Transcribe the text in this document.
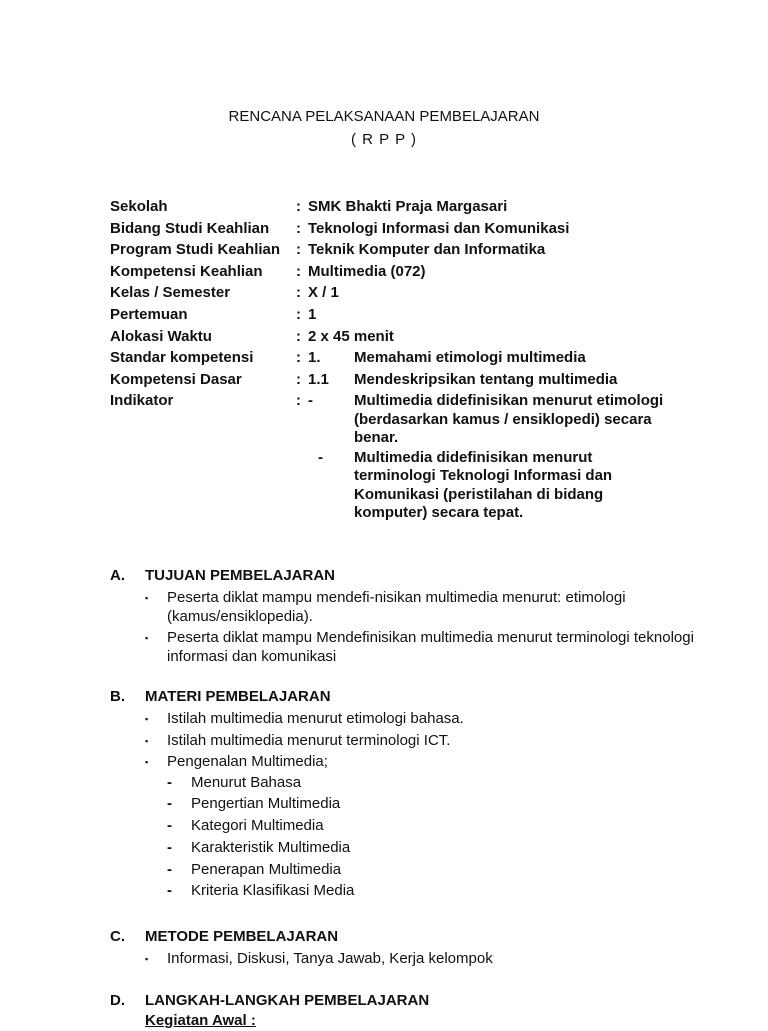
RENCANA PELAKSANAAN PEMBELAJARAN
( R P P )
Sekolah	: SMK Bhakti Praja Margasari
Bidang Studi Keahlian	: Teknologi Informasi dan Komunikasi
Program Studi Keahlian	: Teknik Komputer dan Informatika
Kompetensi Keahlian	: Multimedia (072)
Kelas / Semester	: X / 1
Pertemuan	: 1
Alokasi Waktu	: 2 x 45 menit
Standar kompetensi	: 1.	Memahami etimologi multimedia
Kompetensi Dasar	: 1.1	Mendeskripsikan tentang multimedia
Indikator	: -	Multimedia didefinisikan menurut etimologi (berdasarkan kamus / ensiklopedi) secara benar.
-	Multimedia didefinisikan menurut terminologi Teknologi Informasi dan Komunikasi (peristilahan di bidang komputer) secara tepat.
A.	TUJUAN PEMBELAJARAN
▪ Peserta diklat mampu mendefi-nisikan multimedia menurut: etimologi (kamus/ensiklopedia).
▪ Peserta diklat mampu Mendefinisikan multimedia menurut terminologi teknologi informasi dan komunikasi
B.	MATERI PEMBELAJARAN
▪ Istilah multimedia menurut etimologi bahasa.
▪ Istilah multimedia menurut terminologi ICT.
▪ Pengenalan Multimedia;
- Menurut Bahasa
- Pengertian Multimedia
- Kategori Multimedia
- Karakteristik Multimedia
- Penerapan Multimedia
- Kriteria Klasifikasi Media
C.	METODE PEMBELAJARAN
▪ Informasi, Diskusi, Tanya Jawab, Kerja kelompok
D.	LANGKAH-LANGKAH PEMBELAJARAN
Kegiatan Awal :
